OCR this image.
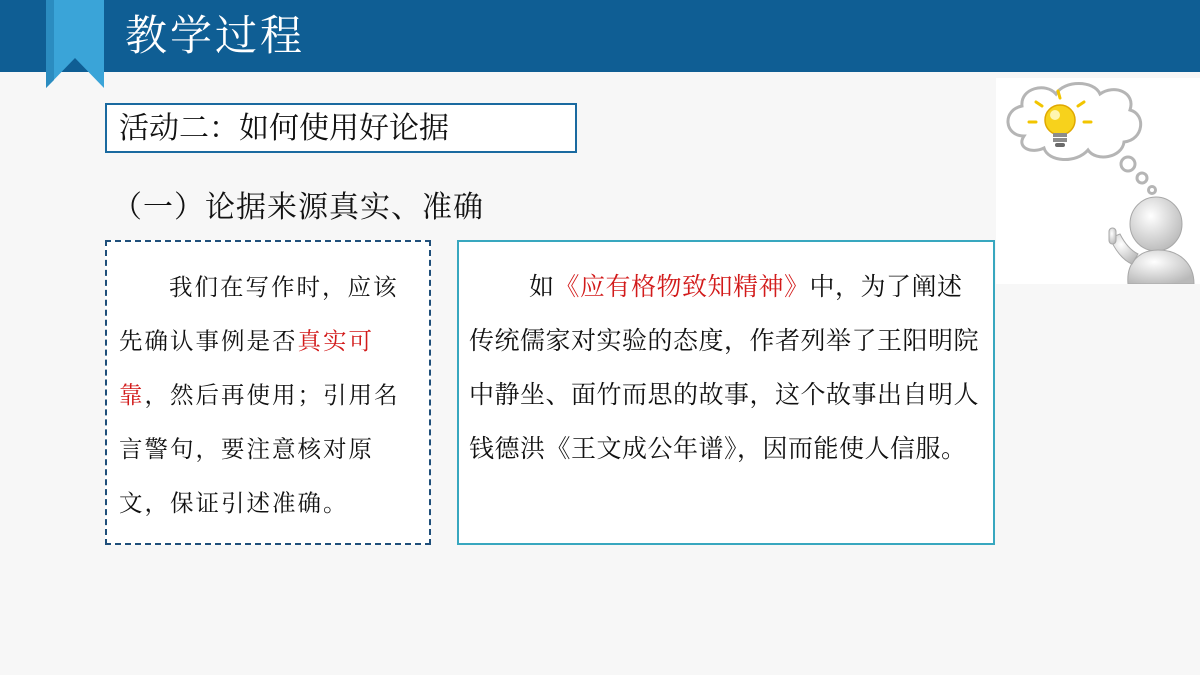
教学过程
活动二：如何使用好论据
（一）论据来源真实、准确
我们在写作时，应该先确认事例是否真实可靠，然后再使用；引用名言警句，要注意核对原文，保证引述准确。
如《应有格物致知精神》中，为了阐述传统儒家对实验的态度，作者列举了王阳明院中静坐、面竹而思的故事，这个故事出自明人钱德洪《王文成公年谱》，因而能使人信服。
